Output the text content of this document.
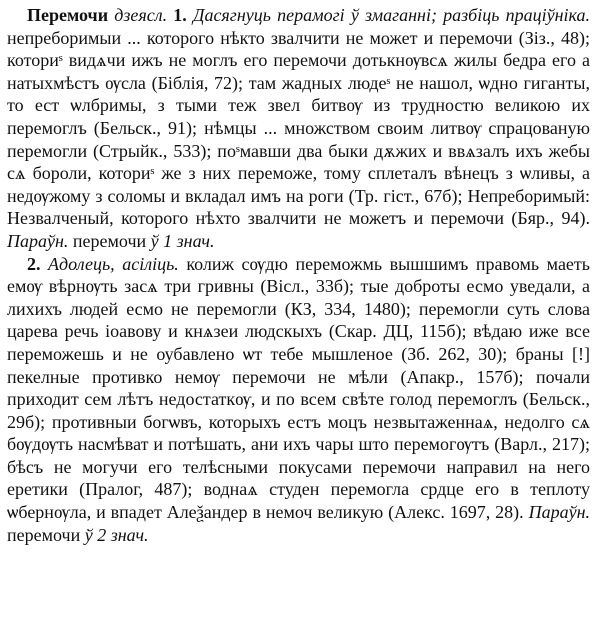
Перемочи дзеясл. 1. Дасягнуць перамогі ў змаганні; разбіць праціўніка. непреборимыи ... которого нѣкто звалчити не может и перемочи (Зіз., 48); коториˢ видѧчи ижъ не моглъ его перемочи дотькнѹвсѧ жилы бедра его а натыхмѣстъ ѹсла (Біблія, 72); там жадных людеˢ не нашол, ѡдно гиганты, то ест ѡлбримы, з тыми теж звел битвѹ из трудностю великою их перемоглъ (Бельск., 91); нѣмцы ... множством своим литвѹ спрацованую перемогли (Стрыйк., 533); поˢмавши два быки дѫжих и ввѧзалъ ихъ жебы сѧ бороли, коториˢ же з них переможе, тому сплеталъ вѣнецъ з ѡливы, а недѹжому з соломы и вкладал имъ на роги (Тр. гіст., 67б); Непреборимый: Незвалченый, которого нѣхто звалчити не можетъ и перемочи (Бяр., 94). Параўн. перемочи ў 1 знач.

2. Адолець, асіліць. колиж сѹдю переможмь вышшимъ правомь маеть емѹ вѣрнѹть засѧ три гривны (Вісл., 33б); тые доброты есмо уведали, а лихихъ людей есмо не перемогли (КЗ, 334, 1480); перемогли суть слова царева речь іоавову и кнѧзеи людскыхъ (Скар. ДЦ, 115б); вѣдаю иже все переможешь и не оубавлено ѡт тебе мышленое (Зб. 262, 30); браны [!] пекелные противко немѹ перемочи не мѣли (Апакр., 157б); почали приходит сем лѣтъ недостаткѹ, и по всем свѣте голод перемоглъ (Бельск., 29б); противныи богѡвъ, которыхъ естъ моцъ незвытаженнаѧ, недолго сѧ бѹдѹть насмѣват и потѣшать, ани ихъ чары што перемогѹтъ (Варл., 217); бѣсъ не могучи его телѣсными покусами перемочи направил на него еретики (Пралог, 487); воднаѧ студен перемогла срдце его в теплоту ѡбернѹла, и впадет Алеѯандер в немоч великую (Алекс. 1697, 28). Параўн. перемочи ў 2 знач.
